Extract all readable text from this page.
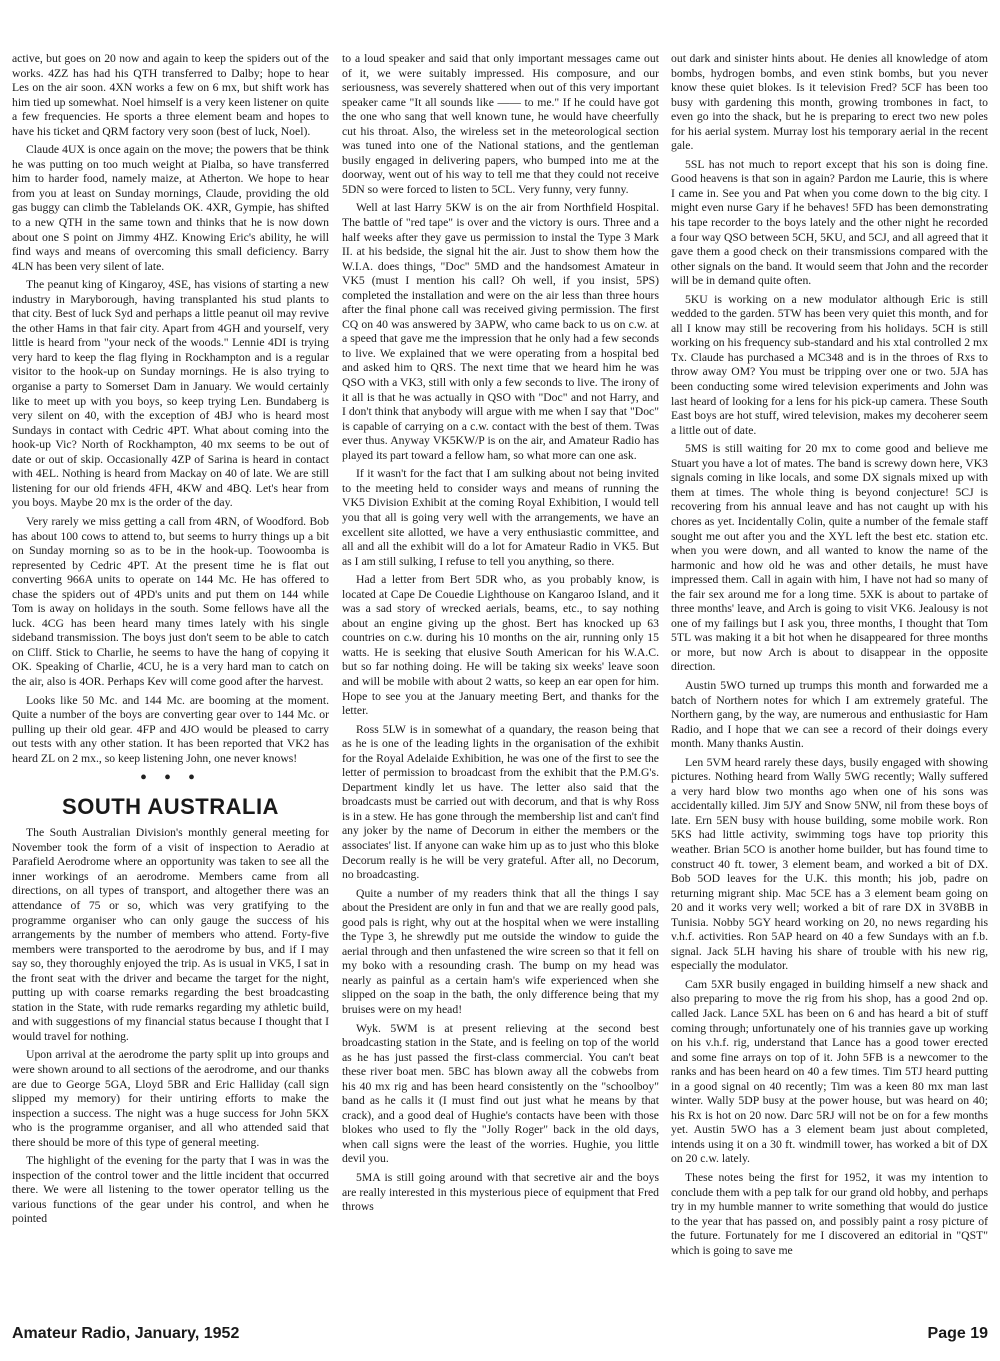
active, but goes on 20 now and again to keep the spiders out of the works. 4ZZ has had his QTH transferred to Dalby; hope to hear Les on the air soon. 4XN works a few on 6 mx, but shift work has him tied up somewhat. Noel himself is a very keen listener on quite a few frequencies. He sports a three element beam and hopes to have his ticket and QRM factory very soon (best of luck, Noel).

Claude 4UX is once again on the move; the powers that be think he was putting on too much weight at Pialba, so have transferred him to harder food, namely maize, at Atherton. We hope to hear from you at least on Sunday mornings, Claude, providing the old gas buggy can climb the Tablelands OK. 4XR, Gympie, has shifted to a new QTH in the same town and thinks that he is now down about one S point on Jimmy 4HZ. Knowing Eric's ability, he will find ways and means of overcoming this small deficiency. Barry 4LN has been very silent of late.

The peanut king of Kingaroy, 4SE, has visions of starting a new industry in Maryborough, having transplanted his stud plants to that city. Best of luck Syd and perhaps a little peanut oil may revive the other Hams in that fair city. Apart from 4GH and yourself, very little is heard from "your neck of the woods." Lennie 4DI is trying very hard to keep the flag flying in Rockhampton and is a regular visitor to the hook-up on Sunday mornings. He is also trying to organise a party to Somerset Dam in January. We would certainly like to meet up with you boys, so keep trying Len. Bundaberg is very silent on 40, with the exception of 4BJ who is heard most Sundays in contact with Cedric 4PT. What about coming into the hook-up Vic? North of Rockhampton, 40 mx seems to be out of date or out of skip. Occasionally 4ZP of Sarina is heard in contact with 4EL. Nothing is heard from Mackay on 40 of late. We are still listening for our old friends 4FH, 4KW and 4BQ. Let's hear from you boys. Maybe 20 mx is the order of the day.

Very rarely we miss getting a call from 4RN, of Woodford. Bob has about 100 cows to attend to, but seems to hurry things up a bit on Sunday morning so as to be in the hook-up. Toowoomba is represented by Cedric 4PT. At the present time he is flat out converting 966A units to operate on 144 Mc. He has offered to chase the spiders out of 4PD's units and put them on 144 while Tom is away on holidays in the south. Some fellows have all the luck. 4CG has been heard many times lately with his single sideband transmission. The boys just don't seem to be able to catch on Cliff. Stick to Charlie, he seems to have the hang of copying it OK. Speaking of Charlie, 4CU, he is a very hard man to catch on the air, also is 4OR. Perhaps Kev will come good after the harvest.

Looks like 50 Mc. and 144 Mc. are booming at the moment. Quite a number of the boys are converting gear over to 144 Mc. or pulling up their old gear. 4FP and 4JO would be pleased to carry out tests with any other station. It has been reported that VK2 has heard ZL on 2 mx., so keep listening John, one never knows!

• • •
SOUTH AUSTRALIA

The South Australian Division's monthly general meeting for November took the form of a visit of inspection to Aeradio at Parafield Aerodrome where an opportunity was taken to see all the inner workings of an aerodrome. Members came from all directions, on all types of transport, and altogether there was an attendance of 75 or so, which was very gratifying to the programme organiser who can only gauge the success of his arrangements by the number of members who attend. Forty-five members were transported to the aerodrome by bus, and if I may say so, they thoroughly enjoyed the trip. As is usual in VK5, I sat in the front seat with the driver and became the target for the night, putting up with coarse remarks regarding the best broadcasting station in the State, with rude remarks regarding my athletic build, and with suggestions of my financial status because I thought that I would travel for nothing.

Upon arrival at the aerodrome the party split up into groups and were shown around to all sections of the aerodrome, and our thanks are due to George 5GA, Lloyd 5BR and Eric Halliday (call sign slipped my memory) for their untiring efforts to make the inspection a success. The night was a huge success for John 5KX who is the programme organiser, and all who attended said that there should be more of this type of general meeting.

The highlight of the evening for the party that I was in was the inspection of the control tower and the little incident that occurred there. We were all listening to the tower operator telling us the various functions of the gear under his control, and when he pointed

to a loud speaker and said that only important messages came out of it, we were suitably impressed. His composure, and our seriousness, was severely shattered when out of this very important speaker came "It all sounds like —— to me." If he could have got the one who sang that well known tune, he would have cheerfully cut his throat. Also, the wireless set in the meteorological section was tuned into one of the National stations, and the gentleman busily engaged in delivering papers, who bumped into me at the doorway, went out of his way to tell me that they could not receive 5DN so were forced to listen to 5CL. Very funny, very funny.

Well at last Harry 5KW is on the air from Northfield Hospital. The battle of "red tape" is over and the victory is ours. Three and a half weeks after they gave us permission to instal the Type 3 Mark II. at his bedside, the signal hit the air. Just to show them how the W.I.A. does things, "Doc" 5MD and the handsomest Amateur in VK5 (must I mention his call? Oh well, if you insist, 5PS) completed the installation and were on the air less than three hours after the final phone call was received giving permission. The first CQ on 40 was answered by 3APW, who came back to us on c.w. at a speed that gave me the impression that he only had a few seconds to live. We explained that we were operating from a hospital bed and asked him to QRS. The next time that we heard him he was QSO with a VK3, still with only a few seconds to live. The irony of it all is that he was actually in QSO with "Doc" and not Harry, and I don't think that anybody will argue with me when I say that "Doc" is capable of carrying on a c.w. contact with the best of them. Twas ever thus. Anyway VK5KW/P is on the air, and Amateur Radio has played its part toward a fellow ham, so what more can one ask.

If it wasn't for the fact that I am sulking about not being invited to the meeting held to consider ways and means of running the VK5 Division Exhibit at the coming Royal Exhibition, I would tell you that all is going very well with the arrangements, we have an excellent site allotted, we have a very enthusiastic committee, and all and all the exhibit will do a lot for Amateur Radio in VK5. But as I am still sulking, I refuse to tell you anything, so there.

Had a letter from Bert 5DR who, as you probably know, is located at Cape De Couedie Lighthouse on Kangaroo Island, and it was a sad story of wrecked aerials, beams, etc., to say nothing about an engine giving up the ghost. Bert has knocked up 63 countries on c.w. during his 10 months on the air, running only 15 watts. He is seeking that elusive South American for his W.A.C. but so far nothing doing. He will be taking six weeks' leave soon and will be mobile with about 2 watts, so keep an ear open for him. Hope to see you at the January meeting Bert, and thanks for the letter.

Ross 5LW is in somewhat of a quandary, the reason being that as he is one of the leading lights in the organisation of the exhibit for the Royal Adelaide Exhibition, he was one of the first to see the letter of permission to broadcast from the exhibit that the P.M.G's. Department kindly let us have. The letter also said that the broadcasts must be carried out with decorum, and that is why Ross is in a stew. He has gone through the membership list and can't find any joker by the name of Decorum in either the members or the associates' list. If anyone can wake him up as to just who this bloke Decorum really is he will be very grateful. After all, no Decorum, no broadcasting.

Quite a number of my readers think that all the things I say about the President are only in fun and that we are really good pals, good pals is right, why out at the hospital when we were installing the Type 3, he shrewdly put me outside the window to guide the aerial through and then unfastened the wire screen so that it fell on my boko with a resounding crash. The bump on my head was nearly as painful as a certain ham's wife experienced when she slipped on the soap in the bath, the only difference being that my bruises were on my head!

Wyk. 5WM is at present relieving at the second best broadcasting station in the State, and is feeling on top of the world as he has just passed the first-class commercial. You can't beat these river boat men. 5BC has blown away all the cobwebs from his 40 mx rig and has been heard consistently on the "schoolboy" band as he calls it (I must find out just what he means by that crack), and a good deal of Hughie's contacts have been with those blokes who used to fly the "Jolly Roger" back in the old days, when call signs were the least of the worries. Hughie, you little devil you.

5MA is still going around with that secretive air and the boys are really interested in this mysterious piece of equipment that Fred throws

out dark and sinister hints about. He denies all knowledge of atom bombs, hydrogen bombs, and even stink bombs, but you never know these quiet blokes. Is it television Fred? 5CF has been too busy with gardening this month, growing trombones in fact, to even go into the shack, but he is preparing to erect two new poles for his aerial system. Murray lost his temporary aerial in the recent gale.

5SL has not much to report except that his son is doing fine. Good heavens is that son in again? Pardon me Laurie, this is where I came in. See you and Pat when you come down to the big city. I might even nurse Gary if he behaves! 5FD has been demonstrating his tape recorder to the boys lately and the other night he recorded a four way QSO between 5CH, 5KU, and 5CJ, and all agreed that it gave them a good check on their transmissions compared with the other signals on the band. It would seem that John and the recorder will be in demand quite often.

5KU is working on a new modulator although Eric is still wedded to the garden. 5TW has been very quiet this month, and for all I know may still be recovering from his holidays. 5CH is still working on his frequency sub-standard and his xtal controlled 2 mx Tx. Claude has purchased a MC348 and is in the throes of Rxs to throw away OM? You must be tripping over one or two. 5JA has been conducting some wired television experiments and John was last heard of looking for a lens for his pick-up camera. These South East boys are hot stuff, wired television, makes my decoherer seem a little out of date.

5MS is still waiting for 20 mx to come good and believe me Stuart you have a lot of mates. The band is screwy down here, VK3 signals coming in like locals, and some DX signals mixed up with them at times. The whole thing is beyond conjecture! 5CJ is recovering from his annual leave and has not caught up with his chores as yet. Incidentally Colin, quite a number of the female staff sought me out after you and the XYL left the best etc. station etc. when you were down, and all wanted to know the name of the harmonic and how old he was and other details, he must have impressed them. Call in again with him, I have not had so many of the fair sex around me for a long time. 5XK is about to partake of three months' leave, and Arch is going to visit VK6. Jealousy is not one of my failings but I ask you, three months, I thought that Tom 5TL was making it a bit hot when he disappeared for three months or more, but now Arch is about to disappear in the opposite direction.

Austin 5WO turned up trumps this month and forwarded me a batch of Northern notes for which I am extremely grateful. The Northern gang, by the way, are numerous and enthusiastic for Ham Radio, and I hope that we can see a record of their doings every month. Many thanks Austin.

Len 5VM heard rarely these days, busily engaged with showing pictures. Nothing heard from Wally 5WG recently; Wally suffered a very hard blow two months ago when one of his sons was accidentally killed. Jim 5JY and Snow 5NW, nil from these boys of late. Ern 5EN busy with house building, some mobile work. Ron 5KS had little activity, swimming togs have top priority this weather. Brian 5CO is another home builder, but has found time to construct 40 ft. tower, 3 element beam, and worked a bit of DX. Bob 5OD leaves for the U.K. this month; his job, padre on returning migrant ship. Mac 5CE has a 3 element beam going on 20 and it works very well; worked a bit of rare DX in 3V8BB in Tunisia. Nobby 5GY heard working on 20, no news regarding his v.h.f. activities. Ron 5AP heard on 40 a few Sundays with an f.b. signal. Jack 5LH having his share of trouble with his new rig, especially the modulator.

Cam 5XR busily engaged in building himself a new shack and also preparing to move the rig from his shop, has a good 2nd op. called Jack. Lance 5XL has been on 6 and has heard a bit of stuff coming through; unfortunately one of his trannies gave up working on his v.h.f. rig, understand that Lance has a good tower erected and some fine arrays on top of it. John 5FB is a newcomer to the ranks and has been heard on 40 a few times. Tim 5TJ heard putting in a good signal on 40 recently; Tim was a keen 80 mx man last winter. Wally 5DP busy at the power house, but was heard on 40; his Rx is hot on 20 now. Darc 5RJ will not be on for a few months yet. Austin 5WO has a 3 element beam just about completed, intends using it on a 30 ft. windmill tower, has worked a bit of DX on 20 c.w. lately.

These notes being the first for 1952, it was my intention to conclude them with a pep talk for our grand old hobby, and perhaps try in my humble manner to write something that would do justice to the year that has passed on, and possibly paint a rosy picture of the future. Fortunately for me I discovered an editorial in "QST" which is going to save me

Amateur Radio, January, 1952	Page 19
